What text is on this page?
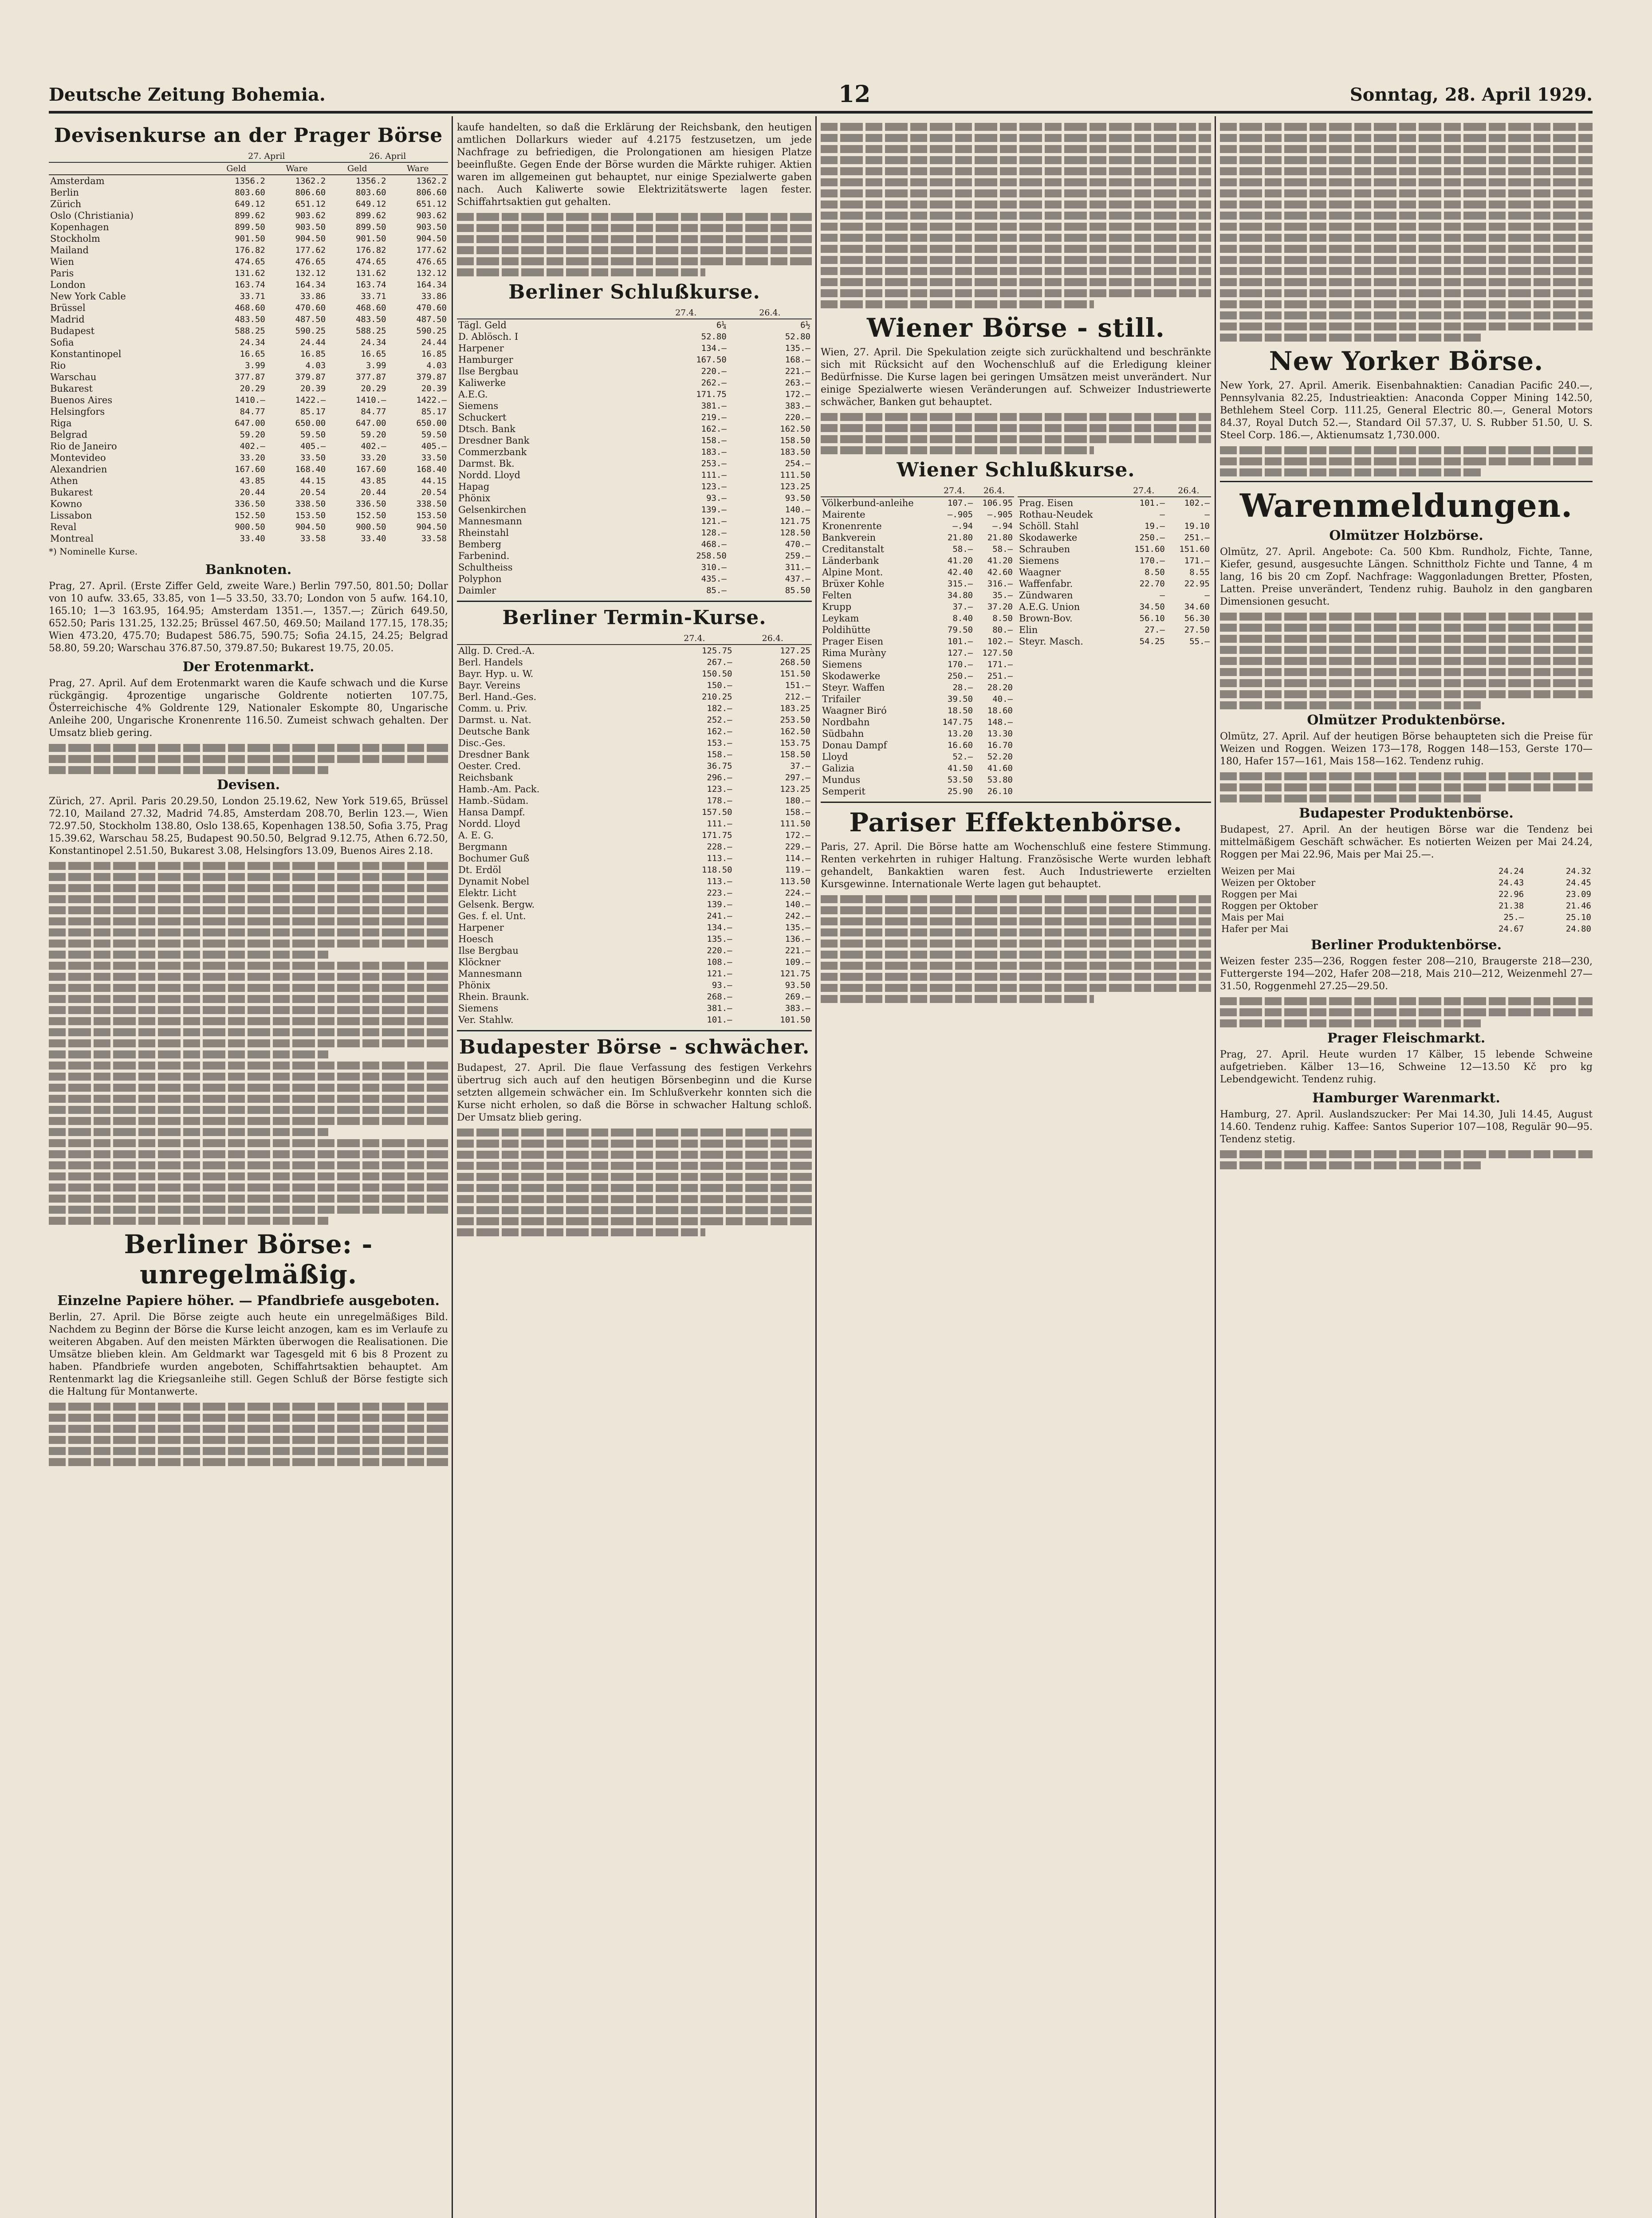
Deutsche Zeitung Bohemia.	12	Sonntag, 28. April 1929.
Devisenkurse an der Prager Börse
	27. April		26. April	
	Geld	Ware	Geld	Ware
Amsterdam	1356.2	1362.2	1356.2	1362.2
Berlin	803.60	806.60	803.60	806.60
Zürich	649.12	651.12	649.12	651.12
Oslo (Christiania)	899.62	903.62	899.62	903.62
Kopenhagen	899.50	903.50	899.50	903.50
Stockholm	901.50	904.50	901.50	904.50
Mailand	176.82	177.62	176.82	177.62
Wien	474.65	476.65	474.65	476.65
Paris	131.62	132.12	131.62	132.12
London	163.74	164.34	163.74	164.34
New York Cable	33.71	33.86	33.71	33.86
Brüssel	468.60	470.60	468.60	470.60
Madrid	483.50	487.50	483.50	487.50
Budapest	588.25	590.25	588.25	590.25
Sofia	24.34	24.44	24.34	24.44
Konstantinopel	16.65	16.85	16.65	16.85
Rio	3.99	4.03	3.99	4.03
Warschau	377.87	379.87	377.87	379.87
Bukarest	20.29	20.39	20.29	20.39
Buenos Aires	1410.—	1422.—	1410.—	1422.—
Helsingfors	84.77	85.17	84.77	85.17
Riga	647.00	650.00	647.00	650.00
Belgrad	59.20	59.50	59.20	59.50
Rio de Janeiro	402.—	405.—	402.—	405.—
Montevideo	33.20	33.50	33.20	33.50
Alexandrien	167.60	168.40	167.60	168.40
Athen	43.85	44.15	43.85	44.15
Bukarest	20.44	20.54	20.44	20.54
Kowno	336.50	338.50	336.50	338.50
Lissabon	152.50	153.50	152.50	153.50
Reval	900.50	904.50	900.50	904.50
Montreal	33.40	33.58	33.40	33.58
*) Nominelle Kurse.
Banknoten.
Prag, 27. April. (Erste Ziffer Geld, zweite Ware.) Berlin 797.50, 801.50; Dollar von 10 aufw. 33.65, 33.85, von 1—5 33.50, 33.70; London von 5 aufw. 164.10, 165.10; 1—3 163.95, 164.95; Amsterdam 1351.—, 1357.—; Zürich 649.50, 652.50; Paris 131.25, 132.25; Brüssel 467.50, 469.50; Mailand 177.15, 178.35; Wien 473.20, 475.70; Budapest 586.75, 590.75; Sofia 24.15, 24.25; Belgrad 58.80, 59.20; Warschau 376.87.50, 379.87.50; Bukarest 19.75, 20.05.
Der Erotenmarkt.
Prag, 27. April. Auf dem Erotenmarkt waren die Kaufe schwach und die Kurse rückgängig. 4prozentige ungarische Goldrente notierten 107.75, Österreichische 4% Goldrente 129, Nationaler Eskompte 80, Ungarische Anleihe 200, Ungarische Kronenrente 116.50. Zumeist schwach gehalten. Der Umsatz blieb gering.
Devisen.
Zürich, 27. April. Paris 20.29.50, London 25.19.62, New York 519.65, Brüssel 72.10, Mailand 27.32, Madrid 74.85, Amsterdam 208.70, Berlin 123.—, Wien 72.97.50, Stockholm 138.80, Oslo 138.65, Kopenhagen 138.50, Sofia 3.75, Prag 15.39.62, Warschau 58.25, Budapest 90.50.50, Belgrad 9.12.75, Athen 6.72.50, Konstantinopel 2.51.50, Bukarest 3.08, Helsingfors 13.09, Buenos Aires 2.18.
Berliner Börse: - unregelmäßig.
Einzelne Papiere höher. — Pfandbriefe ausgeboten.
Berlin, 27. April. Die Börse zeigte auch heute ein unregelmäßiges Bild. Nachdem zu Beginn der Börse die Kurse leicht anzogen, kam es im Verlaufe zu weiteren Abgaben. Auf den meisten Märkten überwogen die Realisationen. Die Umsätze blieben klein. Am Geldmarkt war Tagesgeld mit 6 bis 8 Prozent zu haben. Pfandbriefe wurden angeboten, Schiffahrtsaktien behauptet. Am Rentenmarkt lag die Kriegsanleihe still. Gegen Schluß der Börse festigte sich die Haltung für Montanwerte.
kaufe handelten, so daß die Erklärung der Reichsbank, den heutigen amtlichen Dollarkurs wieder auf 4.2175 festzusetzen, um jede Nachfrage zu befriedigen, die Prolongationen am hiesigen Platze beeinflußte. Gegen Ende der Börse wurden die Märkte ruhiger. Aktien waren im allgemeinen gut behauptet, nur einige Spezialwerte gaben nach. Auch Kaliwerte sowie Elektrizitätswerte lagen fester. Schiffahrtsaktien gut gehalten.
Berliner Schlußkurse.
	27.4.	26.4.
Tägl. Geld	6¼	6½
D. Ablösch. I	52.80	52.80
Harpener	134.—	135.—
Hamburger	167.50	168.—
Ilse Bergbau	220.—	221.—
Kaliwerke	262.—	263.—
A.E.G.	171.75	172.—
Siemens	381.—	383.—
Schuckert	219.—	220.—
Dtsch. Bank	162.—	162.50
Dresdner Bank	158.—	158.50
Commerzbank	183.—	183.50
Darmst. Bk.	253.—	254.—
Nordd. Lloyd	111.—	111.50
Hapag	123.—	123.25
Phönix	93.—	93.50
Gelsenkirchen	139.—	140.—
Mannesmann	121.—	121.75
Rheinstahl	128.—	128.50
Bemberg	468.—	470.—
Farbenind.	258.50	259.—
Schultheiss	310.—	311.—
Polyphon	435.—	437.—
Daimler	85.—	85.50
Berliner Termin-Kurse.
	27.4.	26.4.
Allg. D. Cred.-A.	125.75	127.25
Berl. Handels	267.—	268.50
Bayr. Hyp. u. W.	150.50	151.50
Bayr. Vereins	150.—	151.—
Berl. Hand.-Ges.	210.25	212.—
Comm. u. Priv.	182.—	183.25
Darmst. u. Nat.	252.—	253.50
Deutsche Bank	162.—	162.50
Disc.-Ges.	153.—	153.75
Dresdner Bank	158.—	158.50
Oester. Cred.	36.75	37.—
Reichsbank	296.—	297.—
Hamb.-Am. Pack.	123.—	123.25
Hamb.-Südam.	178.—	180.—
Hansa Dampf.	157.50	158.—
Nordd. Lloyd	111.—	111.50
A. E. G.	171.75	172.—
Bergmann	228.—	229.—
Bochumer Guß	113.—	114.—
Dt. Erdöl	118.50	119.—
Dynamit Nobel	113.—	113.50
Elektr. Licht	223.—	224.—
Gelsenk. Bergw.	139.—	140.—
Ges. f. el. Unt.	241.—	242.—
Harpener	134.—	135.—
Hoesch	135.—	136.—
Ilse Bergbau	220.—	221.—
Klöckner	108.—	109.—
Mannesmann	121.—	121.75
Phönix	93.—	93.50
Rhein. Braunk.	268.—	269.—
Siemens	381.—	383.—
Ver. Stahlw.	101.—	101.50
Budapester Börse - schwächer.
Budapest, 27. April. Die flaue Verfassung des festigen Verkehrs übertrug sich auch auf den heutigen Börsenbeginn und die Kurse setzten allgemein schwächer ein. Im Schlußverkehr konnten sich die Kurse nicht erholen, so daß die Börse in schwacher Haltung schloß. Der Umsatz blieb gering.
Wiener Börse - still.
Wien, 27. April. Die Spekulation zeigte sich zurückhaltend und beschränkte sich mit Rücksicht auf den Wochenschluß auf die Erledigung kleiner Bedürfnisse. Die Kurse lagen bei geringen Umsätzen meist unverändert. Nur einige Spezialwerte wiesen Veränderungen auf. Schweizer Industriewerte schwächer, Banken gut behauptet.
Wiener Schlußkurse.
	27.4.	26.4.
Völkerbund-anleihe	107.—	106.95
Mairente	—.905	—.905
Kronenrente	—.94	—.94
Bankverein	21.80	21.80
Creditanstalt	58.—	58.—
Länderbank	41.20	41.20
Alpine Mont.	42.40	42.60
Brüxer Kohle	315.—	316.—
Felten	34.80	35.—
Krupp	37.—	37.20
Leykam	8.40	8.50
Poldihütte	79.50	80.—
Prager Eisen	101.—	102.—
Rima Muràny	127.—	127.50
Siemens	170.—	171.—
Skodawerke	250.—	251.—
Steyr. Waffen	28.—	28.20
Trifailer	39.50	40.—
Waagner Biró	18.50	18.60
Nordbahn	147.75	148.—
Südbahn	13.20	13.30
Donau Dampf	16.60	16.70
Lloyd	52.—	52.20
Galizia	41.50	41.60
Mundus	53.50	53.80
Semperit	25.90	26.10
	27.4.	26.4.
Prag. Eisen	101.—	102.—
Rothau-Neudek	—	—
Schöll. Stahl	19.—	19.10
Skodawerke	250.—	251.—
Schrauben	151.60	151.60
Siemens	170.—	171.—
Waagner	8.50	8.55
Waffenfabr.	22.70	22.95
Zündwaren	—	—
A.E.G. Union	34.50	34.60
Brown-Bov.	56.10	56.30
Elin	27.—	27.50
Steyr. Masch.	54.25	55.—
Pariser Effektenbörse.
Paris, 27. April. Die Börse hatte am Wochenschluß eine festere Stimmung. Renten verkehrten in ruhiger Haltung. Französische Werte wurden lebhaft gehandelt, Bankaktien waren fest. Auch Industriewerte erzielten Kursgewinne. Internationale Werte lagen gut behauptet.
New Yorker Börse.
New York, 27. April. Amerik. Eisenbahnaktien: Canadian Pacific 240.—, Pennsylvania 82.25, Industrieaktien: Anaconda Copper Mining 142.50, Bethlehem Steel Corp. 111.25, General Electric 80.—, General Motors 84.37, Royal Dutch 52.—, Standard Oil 57.37, U. S. Rubber 51.50, U. S. Steel Corp. 186.—, Aktienumsatz 1,730.000.
Warenmeldungen.
Olmützer Holzbörse.
Olmütz, 27. April. Angebote: Ca. 500 Kbm. Rundholz, Fichte, Tanne, Kiefer, gesund, ausgesuchte Längen. Schnittholz Fichte und Tanne, 4 m lang, 16 bis 20 cm Zopf. Nachfrage: Waggonladungen Bretter, Pfosten, Latten. Preise unverändert, Tendenz ruhig. Bauholz in den gangbaren Dimensionen gesucht.
Olmützer Produktenbörse.
Olmütz, 27. April. Auf der heutigen Börse behaupteten sich die Preise für Weizen und Roggen. Weizen 173—178, Roggen 148—153, Gerste 170—180, Hafer 157—161, Mais 158—162. Tendenz ruhig.
Budapester Produktenbörse.
Budapest, 27. April. An der heutigen Börse war die Tendenz bei mittelmäßigem Geschäft schwächer. Es notierten Weizen per Mai 24.24, Roggen per Mai 22.96, Mais per Mai 25.—.
Weizen per Mai	24.24	24.32
Weizen per Oktober	24.43	24.45
Roggen per Mai	22.96	23.09
Roggen per Oktober	21.38	21.46
Mais per Mai	25.—	25.10
Hafer per Mai	24.67	24.80
Berliner Produktenbörse.
Weizen fester 235—236, Roggen fester 208—210, Braugerste 218—230, Futtergerste 194—202, Hafer 208—218, Mais 210—212, Weizenmehl 27—31.50, Roggenmehl 27.25—29.50.
Prager Fleischmarkt.
Prag, 27. April. Heute wurden 17 Kälber, 15 lebende Schweine aufgetrieben. Kälber 13—16, Schweine 12—13.50 Kč pro kg Lebendgewicht. Tendenz ruhig.
Hamburger Warenmarkt.
Hamburg, 27. April. Auslandszucker: Per Mai 14.30, Juli 14.45, August 14.60. Tendenz ruhig. Kaffee: Santos Superior 107—108, Regulär 90—95. Tendenz stetig.
